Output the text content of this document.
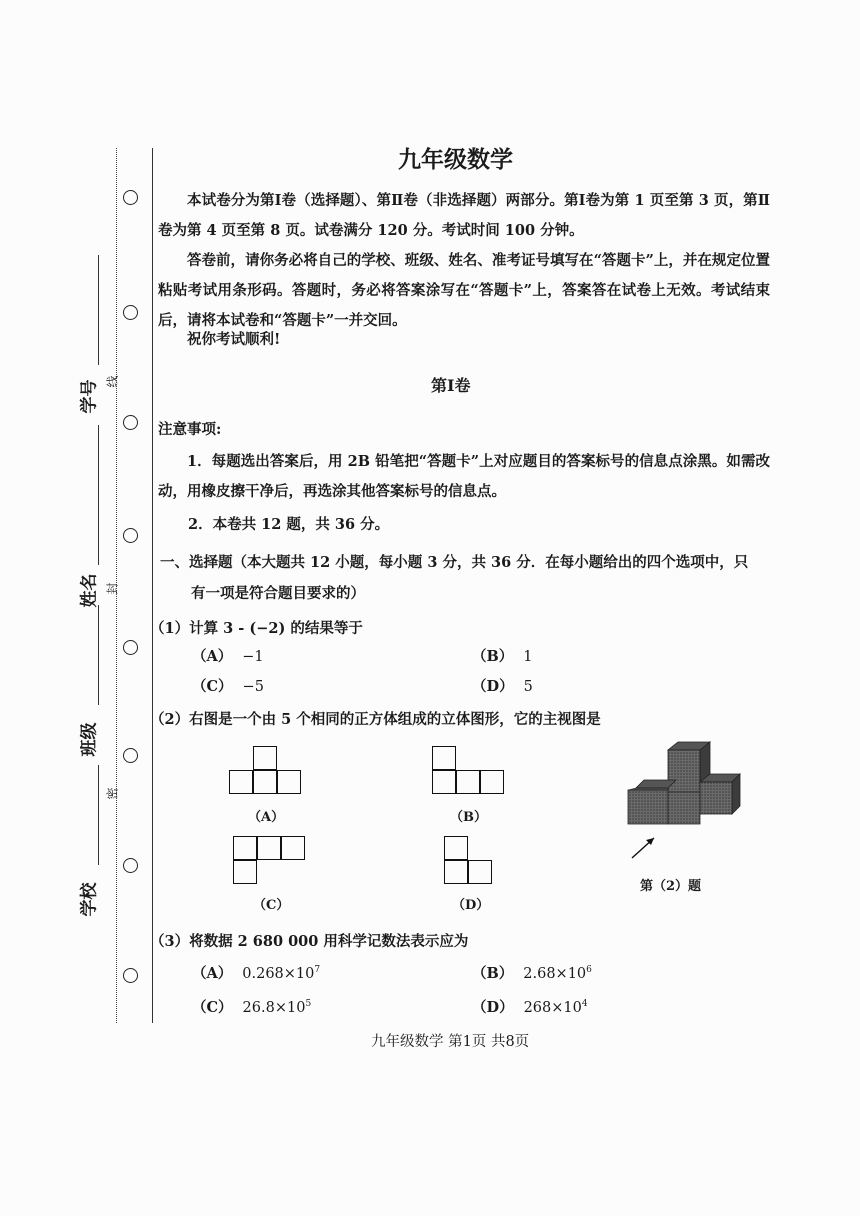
学号
姓名
班级
学校
线
封
密
九年级数学
本试卷分为第Ⅰ卷（选择题）、第Ⅱ卷（非选择题）两部分。第Ⅰ卷为第 1 页至第 3 页，第Ⅱ卷为第 4 页至第 8 页。试卷满分 120 分。考试时间 100 分钟。
答卷前，请你务必将自己的学校、班级、姓名、准考证号填写在“答题卡”上，并在规定位置粘贴考试用条形码。答题时，务必将答案涂写在“答题卡”上，答案答在试卷上无效。考试结束后，请将本试卷和“答题卡”一并交回。
祝你考试顺利!
第Ⅰ卷
注意事项:
1．每题选出答案后，用 2B 铅笔把“答题卡”上对应题目的答案标号的信息点涂黑。如需改动，用橡皮擦干净后，再选涂其他答案标号的信息点。
2．本卷共 12 题，共 36 分。
一、选择题（本大题共 12 小题，每小题 3 分，共 36 分．在每小题给出的四个选项中，只
有一项是符合题目要求的）
（1）计算 3 - (−2) 的结果等于
（A） −1	（B） 1
（C） −5	（D） 5
（2）右图是一个由 5 个相同的正方体组成的立体图形，它的主视图是
（A）	（B）
（C）	（D）
第（2）题
（3）将数据 2 680 000 用科学记数法表示应为
（A） $0.268\times 10^7$	（B） $2.68\times 10^6$
（C） $26.8\times 10^5$	（D） $268\times 10^4$
九年级数学 第1页 共8页
